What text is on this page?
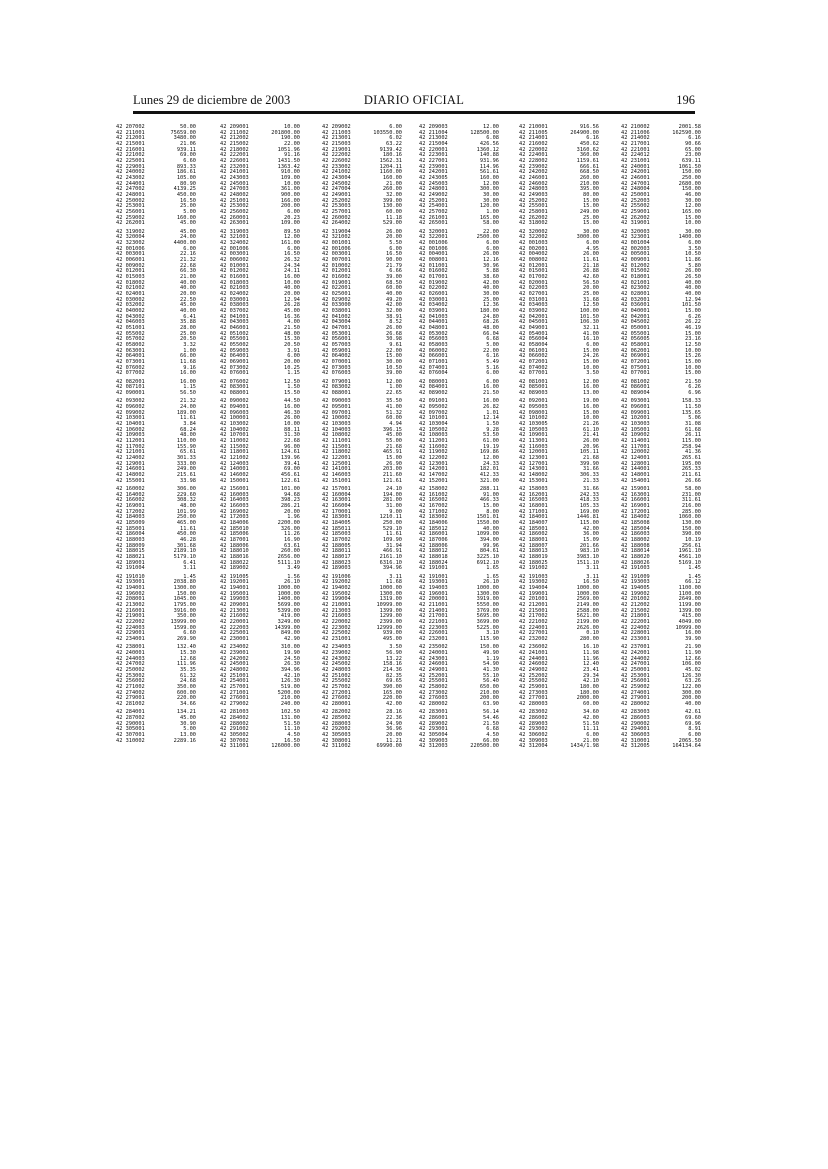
Lunes 29 de diciembre de 2003	DIARIO OFICIAL	196
42 207002	50.00
42 211001	75659.00
42 212001	3480.00
42 215001	21.06
42 216001	939.11
42 221002	69.00
42 225001	6.60
42 229001	893.33
42 240002	186.61
42 243002	105.00
42 244001	80.90
42 247002	4139.25
42 248001	450.00
42 250002	16.50
42 253001	25.00
42 256001	5.00
42 259002	160.00
42 262001	45.00
42 319002	45.00
42 320004	24.00
42 323002	4400.00
42 001006	6.00
42 003001	22.16
42 006001	21.32
42 009002	22.68
42 012001	66.30
42 015003	21.00
42 018002	40.00
42 021002	40.00
42 024001	20.00
42 030002	22.50
42 032002	45.00
42 040002	40.00
42 043002	6.41
42 046003	35.88
42 051001	28.00
42 055002	25.00
42 057002	20.50
42 058002	3.32
42 063001	1.00
42 064001	66.00
42 073001	11.68
42 076002	9.16
42 077002	16.00
42 082001	16.00
42 087101	1.15
42 090001	56.50
42 093002	21.32
42 096002	24.00
42 099002	189.00
42 103001	11.61
42 104001	3.84
42 106002	68.24
42 109003	48.00
42 112001	110.00
42 117002	155.90
42 121001	65.61
42 124002	301.33
42 129001	333.00
42 146001	249.00
42 148002	215.61
42 155001	33.98
42 160002	306.00
42 164002	229.60
42 166002	308.32
42 169001	48.00
42 172002	101.99
42 184003	250.00
42 185009	465.00
42 185001	11.61
42 186004	450.00
42 188003	46.28
42 188009	301.68
42 188015	2189.10
42 188021	5179.10
42 189001	6.41
42 191004	3.11
42 191010	1.45
42 193001	2038.80
42 194001	1300.00
42 196002	150.00
42 208001	1045.00
42 213002	1795.00
42 216001	3916.00
42 219001	350.00
42 222002	13999.00
42 224003	1599.00
42 229001	6.60
42 234001	269.90
42 238001	132.40
42 240001	15.30
42 244003	12.68
42 247002	111.96
42 250002	35.35
42 253002	61.32
42 256002	24.68
42 271002	350.00
42 274002	600.00
42 279001	220.00
42 281002	34.66
42 284001	134.21
42 287002	45.00
42 290001	30.90
42 305001	5.00
42 307001	13.00
42 310002	2289.16
42 209001	10.00
42 211002	201800.00
42 212002	190.00
42 215002	22.00
42 218002	1051.96
42 222001	91.16
42 226001	1431.50
42 232001	1363.42
42 241001	910.00
42 243003	109.00
42 245001	10.00
42 247003	361.00
42 248002	900.00
42 251001	166.00
42 253002	200.00
42 256002	6.00
42 260001	20.23
42 263001	109.00
42 319003	89.50
42 321001	12.00
42 324002	161.00
42 001006	6.00
42 003001	16.50
42 006002	26.32
42 010001	24.34
42 012002	24.11
42 016001	16.00
42 018003	10.00
42 021003	40.00
42 024002	20.00
42 030001	12.94
42 038003	26.28
42 037002	45.00
42 041001	16.36
42 043003	4.00
42 046001	21.50
42 051002	48.00
42 055001	15.30
42 055002	20.50
42 059003	3.91
42 064001	6.00
42 069001	20.00
42 073002	10.25
42 076001	1.15
42 076002	12.50
42 083001	1.50
42 088001	15.50
42 090002	44.50
42 094001	16.00
42 096003	46.30
42 100001	26.00
42 103002	10.00
42 104002	88.11
42 107001	31.30
42 110002	22.68
42 115002	96.00
42 118001	124.61
42 121002	139.96
42 124003	39.41
42 140001	69.00
42 146002	456.61
42 150001	122.61
42 156001	101.00
42 160003	94.68
42 164003	398.23
42 166003	286.21
42 169002	20.00
42 172003	1.96
42 184006	2200.00
42 185010	326.00
42 185006	11.26
42 187001	16.90
42 188006	63.61
42 188010	260.00
42 188016	2656.00
42 188022	5111.10
42 189002	3.49
42 191005	1.56
42 192001	26.10
42 194001	1000.00
42 195001	1000.00
42 199003	1400.00
42 209001	5699.00
42 213001	5399.00
42 216002	419.00
42 220001	3249.00
42 222003	14399.00
42 225001	849.00
42 230001	42.90
42 234002	310.00
42 239001	19.90
42 242002	24.50
42 245001	26.30
42 248002	394.96
42 251001	42.10
42 254001	126.30
42 257001	519.00
42 271001	5200.00
42 276001	210.00
42 279002	240.00
42 281003	102.50
42 284002	131.00
42 288002	51.50
42 291002	11.10
42 305002	4.50
42 307002	16.50
42 311001	126000.00
42 209002	6.00
42 211003	103550.00
42 213001	6.02
42 215003	63.22
42 219001	9139.42
42 222002	180.16
42 226002	1562.31
42 233002	1204.11
42 241002	1160.00
42 243004	160.00
42 245002	21.00
42 247004	260.00
42 249001	32.00
42 252002	399.00
42 253003	130.00
42 257001	60.00
42 260002	11.18
42 264002	529.00
42 319004	26.00
42 321002	20.00
42 001001	5.50
42 001006	6.00
42 003001	16.50
42 007001	90.00
42 010002	21.79
42 012001	6.66
42 016002	39.00
42 019001	68.50
42 022001	60.00
42 025001	40.00
42 029002	49.20
42 033000	42.00
42 038001	32.00
42 041002	38.91
42 043004	8.52
42 047001	26.00
42 053001	26.68
42 056001	30.98
42 057003	9.61
42 059001	22.00
42 064002	15.00
42 070001	30.00
42 073003	10.50
42 076003	39.00
42 079001	12.00
42 083002	1.00
42 088001	22.65
42 090003	35.50
42 095001	41.00
42 097001	51.32
42 100002	60.00
42 103003	4.94
42 104003	396.15
42 108002	45.00
42 111001	55.00
42 115001	21.68
42 118002	465.91
42 122001	15.00
42 125001	26.90
42 141001	203.00
42 146003	211.60
42 151001	121.61
42 157001	24.10
42 160004	194.00
42 163001	281.00
42 166004	31.00
42 170001	9.00
42 183001	1210.11
42 184005	250.00
42 185011	529.10
42 185003	11.61
42 187002	109.90
42 188005	31.94
42 188011	466.91
42 188017	2161.10
42 188023	6316.10
42 189003	394.96
42 191006	3.11
42 192002	11.68
42 194002	1000.00
42 195002	1300.00
42 199004	1319.00
42 210001	10999.00
42 213003	1399.00
42 216003	1299.00
42 220002	2399.00
42 223002	12999.00
42 225002	939.00
42 231001	495.00
42 234003	3.50
42 239002	56.90
42 243002	13.22
42 245002	158.16
42 248003	214.36
42 251002	82.35
42 255002	69.65
42 257002	390.00
42 272001	165.00
42 276002	220.00
42 280001	42.00
42 282002	28.16
42 285002	22.36
42 288003	24.90
42 292002	36.96
42 305003	20.00
42 308001	11.21
42 311002	69990.00
42 209003	12.00
42 211004	128500.00
42 213002	6.08
42 215004	426.56
42 220001	1360.12
42 223001	140.88
42 227001	931.96
42 239001	114.96
42 242001	561.61
42 243005	160.00
42 245003	12.00
42 248001	300.00
42 249002	30.00
42 252001	30.00
42 254001	120.00
42 257002	1.00
42 261001	165.00
42 265001	58.00
42 320001	22.00
42 322001	2500.00
42 001006	6.00
42 001006	6.00
42 004001	26.00
42 008001	12.16
42 011001	30.96
42 016002	5.88
42 017001	38.60
42 019002	42.00
42 022002	40.00
42 026001	30.00
42 030001	25.00
42 034002	12.36
42 039001	180.00
42 041003	24.80
42 044001	68.26
42 048001	48.00
42 053002	66.04
42 056003	6.68
42 058003	5.00
42 060002	22.00
42 066001	6.16
42 071001	5.49
42 074001	5.16
42 076004	6.00
42 080001	6.00
42 084001	16.00
42 089002	21.50
42 091001	16.00
42 095002	26.82
42 097002	1.01
42 101001	12.14
42 103004	1.50
42 105002	9.28
42 108003	53.50
42 112001	61.00
42 116002	19.19
42 119002	169.86
42 122002	12.00
42 123001	24.33
42 142001	182.01
42 147002	412.33
42 152001	321.00
42 158002	288.11
42 161002	91.00
42 165002	466.33
42 167002	15.00
42 171002	8.00
42 183002	1501.01
42 184006	1550.00
42 185012	40.00
42 186001	1099.00
42 187006	394.00
42 188006	99.96
42 188012	804.61
42 188018	3225.10
42 188024	6912.10
42 191001	1.65
42 191001	1.65
42 193001	26.10
42 194003	1000.00
42 196001	1300.00
42 200001	3919.00
42 211001	5550.00
42 214001	3769.00
42 217001	5695.00
42 221001	3699.00
42 223003	5225.00
42 226001	3.10
42 232001	115.90
42 235002	150.00
42 240001	49.90
42 243001	1.19
42 246001	54.90
42 249001	41.30
42 252001	55.10
42 255001	56.40
42 258002	650.00
42 273002	210.00
42 276003	200.00
42 280002	63.90
42 283001	56.14
42 286001	54.46
42 289002	21.50
42 293001	6.68
42 305004	4.50
42 309003	66.00
42 312003	220500.00
42 210001	916.56
42 211005	264900.00
42 214001	6.16
42 216002	450.62
42 220002	3160.62
42 224001	360.00
42 228002	1159.61
42 239002	666.61
42 242002	668.50
42 246001	260.00
42 246002	210.00
42 248003	395.00
42 249003	80.00
42 252002	15.00
42 255001	15.00
42 258001	249.00
42 262002	25.00
42 318002	15.00
42 320002	30.00
42 322002	3000.00
42 001003	6.00
42 002001	4.95
42 004002	26.00
42 008002	11.61
42 012001	21.18
42 015001	26.88
42 017002	42.60
42 020001	56.50
42 022003	20.00
42 027001	25.00
42 031001	31.68
42 034003	12.50
42 039002	100.00
42 042001	101.50
42 045001	106.30
42 049001	32.11
42 054001	41.00
42 056004	16.10
42 058004	6.00
42 061001	15.00
42 066002	24.26
42 072001	15.00
42 074002	10.00
42 077001	3.50
42 081001	12.00
42 085001	16.00
42 089003	13.00
42 092001	19.00
42 095003	16.00
42 098001	15.00
42 101002	10.00
42 103005	21.26
42 105003	61.10
42 109001	21.41
42 113001	26.00
42 116003	20.96
42 120001	105.11
42 123001	21.68
42 127001	399.90
42 143001	31.66
42 148002	306.33
42 153001	21.33
42 158003	31.66
42 162001	242.33
42 165003	418.33
42 168001	105.33
42 171001	169.00
42 184001	1446.81
42 184007	115.00
42 185001	42.00
42 186002	36.00
42 188001	15.09
42 188007	201.66
42 188013	983.10
42 188019	3983.10
42 188025	1511.10
42 191002	3.11
42 191003	3.11
42 193002	16.50
42 194004	1000.00
42 199001	1000.00
42 201001	2569.00
42 212001	2149.00
42 215001	2588.00
42 217002	5621.00
42 221002	2199.00
42 224001	2626.00
42 227001	0.10
42 232002	280.00
42 236002	16.10
42 241001	11.98
42 244001	11.96
42 246002	12.40
42 249002	23.41
42 252002	29.34
42 255002	42.10
42 259001	180.00
42 273003	180.00
42 277001	2000.00
42 280003	60.00
42 283002	34.60
42 286002	42.00
42 289003	51.50
42 293002	11.11
42 306002	6.00
42 309003	21.00
42 312004	1434/1.98
42 210002	2001.58
42 211006	162590.00
42 214002	6.16
42 217001	90.66
42 221001	65.00
42 224012	23.00
42 231001	639.11
42 240001	1061.50
42 242001	150.00
42 246001	250.00
42 247001	2680.00
42 248004	150.00
42 250001	46.00
42 252003	30.00
42 255002	12.00
42 259001	165.00
42 262002	15.00
42 319001	10.00
42 320003	30.00
42 323001	1400.00
42 001004	6.00
42 002003	3.50
42 005001	10.50
42 009001	11.86
42 012002	5.80
42 015002	26.00
42 018001	26.50
42 021001	40.00
42 023002	40.00
42 028001	40.00
42 032001	12.94
42 036001	101.50
42 040001	15.00
42 042001	6.26
42 045002	26.22
42 050001	46.19
42 055001	15.00
42 056005	23.16
42 058001	12.50
42 062001	10.00
42 069001	15.26
42 072001	15.00
42 075001	10.00
42 077001	15.00
42 081002	21.50
42 086001	6.26
42 089004	6.96
42 093001	158.33
42 096001	11.50
42 099001	135.65
42 102001	5.06
42 103003	31.08
42 105001	61.68
42 109002	26.11
42 114001	115.00
42 117001	258.94
42 120002	41.36
42 124001	265.61
42 128001	195.00
42 144001	265.33
42 148001	211.61
42 154001	26.66
42 159001	58.00
42 163001	231.00
42 166001	311.61
42 169001	216.00
42 172001	285.00
42 184002	1060.00
42 185008	130.00
42 185004	150.00
42 186003	390.00
42 188002	10.19
42 188008	256.61
42 188014	1961.10
42 188020	4561.10
42 188026	5169.10
42 191003	1.45
42 191009	1.45
42 193003	66.12
42 194005	1100.00
42 199002	1100.00
42 201002	2649.00
42 212002	1199.00
42 215002	1399.00
42 218001	415.00
42 222001	4049.00
42 224002	10999.00
42 228001	16.00
42 233001	39.90
42 237001	21.90
42 242001	11.90
42 244002	12.66
42 247001	106.00
42 250001	45.02
42 253001	126.30
42 256001	63.26
42 259002	122.00
42 274001	300.00
42 279001	200.00
42 280002	40.00
42 283003	42.61
42 286003	69.60
42 290002	69.96
42 294001	8.91
42 306003	6.00
42 310001	2065.50
42 312005	164134.64
